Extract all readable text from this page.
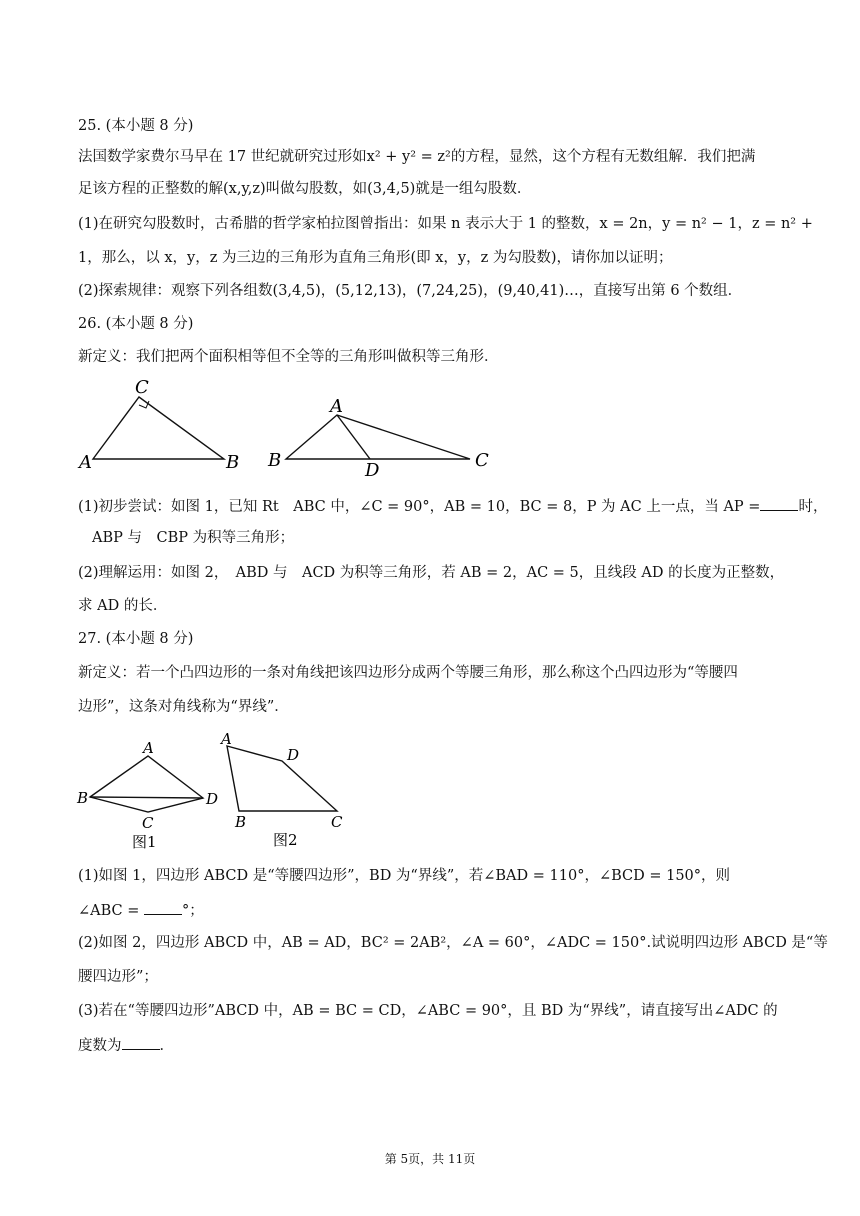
25. (本小题 8 分)
法国数学家费尔马早在 17 世纪就研究过形如x² + y² = z²的方程，显然，这个方程有无数组解．我们把满
足该方程的正整数的解(x,y,z)叫做勾股数，如(3,4,5)就是一组勾股数．
(1)在研究勾股数时，古希腊的哲学家柏拉图曾指出：如果 n 表示大于 1 的整数，x = 2n，y = n² − 1，z = n² +
1，那么，以 x，y，z 为三边的三角形为直角三角形(即 x，y，z 为勾股数)，请你加以证明；
(2)探索规律：观察下列各组数(3,4,5)，(5,12,13)，(7,24,25)，(9,40,41)…，直接写出第 6 个数组．
26. (本小题 8 分)
新定义：我们把两个面积相等但不全等的三角形叫做积等三角形．
C
A	B
A
B	D	C
(1)初步尝试：如图 1，已知 Rt　ABC 中，∠C = 90°，AB = 10，BC = 8，P 为 AC 上一点，当 AP =	时，
ABP 与　CBP 为积等三角形；
(2)理解运用：如图 2，　ABD 与　ACD 为积等三角形，若 AB = 2，AC = 5，且线段 AD 的长度为正整数，
求 AD 的长．
27. (本小题 8 分)
新定义：若一个凸四边形的一条对角线把该四边形分成两个等腰三角形，那么称这个凸四边形为“等腰四
边形”，这条对角线称为“界线”．
A
B	D
C
图1
A
D
B	C
图2
(1)如图 1，四边形 ABCD 是“等腰四边形”，BD 为“界线”，若∠BAD = 110°，∠BCD = 150°，则
∠ABC =	°；
(2)如图 2，四边形 ABCD 中，AB = AD，BC² = 2AB²，∠A = 60°，∠ADC = 150°.试说明四边形 ABCD 是“等
腰四边形”；
(3)若在“等腰四边形”ABCD 中，AB = BC = CD，∠ABC = 90°，且 BD 为“界线”，请直接写出∠ADC 的
度数为	．
第 5页，共 11页
